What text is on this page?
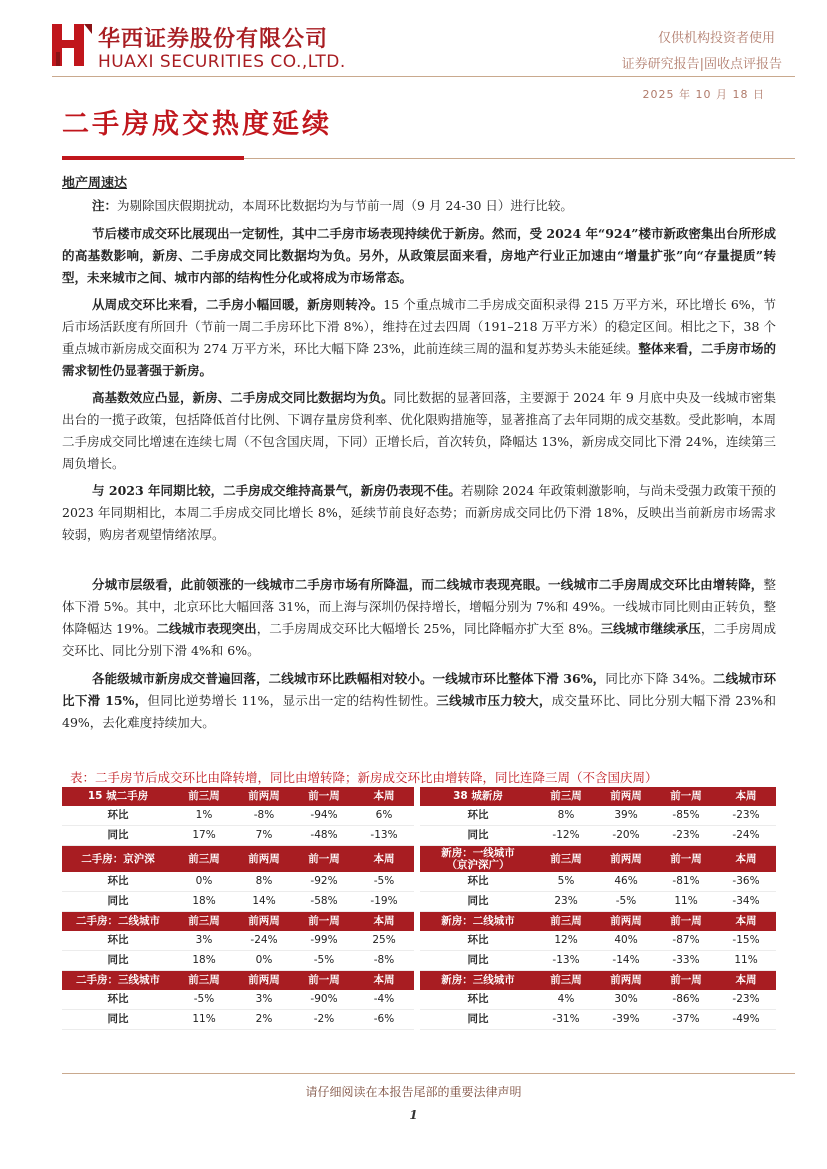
华西证券股份有限公司
HUAXI SECURITIES CO.,LTD.
仅供机构投资者使用
证券研究报告|固收点评报告
2025 年 10 月 18 日
二手房成交热度延续
地产周速达
注：为剔除国庆假期扰动，本周环比数据均为与节前一周（9 月 24-30 日）进行比较。
节后楼市成交环比展现出一定韧性，其中二手房市场表现持续优于新房。然而，受 2024 年“924”楼市新政密集出台所形成的高基数影响，新房、二手房成交同比数据均为负。另外，从政策层面来看，房地产行业正加速由“增量扩张”向“存量提质”转型，未来城市之间、城市内部的结构性分化或将成为市场常态。
从周成交环比来看，二手房小幅回暖，新房则转冷。15 个重点城市二手房成交面积录得 215 万平方米，环比增长 6%，节后市场活跃度有所回升（节前一周二手房环比下滑 8%），维持在过去四周（191–218 万平方米）的稳定区间。相比之下，38 个重点城市新房成交面积为 274 万平方米，环比大幅下降 23%，此前连续三周的温和复苏势头未能延续。整体来看，二手房市场的需求韧性仍显著强于新房。
高基数效应凸显，新房、二手房成交同比数据均为负。同比数据的显著回落，主要源于 2024 年 9 月底中央及一线城市密集出台的一揽子政策，包括降低首付比例、下调存量房贷利率、优化限购措施等，显著推高了去年同期的成交基数。受此影响，本周二手房成交同比增速在连续七周（不包含国庆周，下同）正增长后，首次转负，降幅达 13%，新房成交同比下滑 24%，连续第三周负增长。
与 2023 年同期比较，二手房成交维持高景气，新房仍表现不佳。若剔除 2024 年政策刺激影响，与尚未受强力政策干预的 2023 年同期相比，本周二手房成交同比增长 8%，延续节前良好态势；而新房成交同比仍下滑 18%，反映出当前新房市场需求较弱，购房者观望情绪浓厚。
分城市层级看，此前领涨的一线城市二手房市场有所降温，而二线城市表现亮眼。一线城市二手房周成交环比由增转降，整体下滑 5%。其中，北京环比大幅回落 31%，而上海与深圳仍保持增长，增幅分别为 7%和 49%。一线城市同比则由正转负，整体降幅达 19%。二线城市表现突出，二手房周成交环比大幅增长 25%，同比降幅亦扩大至 8%。三线城市继续承压，二手房周成交环比、同比分别下滑 4%和 6%。
各能级城市新房成交普遍回落，二线城市环比跌幅相对较小。一线城市环比整体下滑 36%，同比亦下降 34%。二线城市环比下滑 15%，但同比逆势增长 11%，显示出一定的结构性韧性。三线城市压力较大，成交量环比、同比分别大幅下滑 23%和 49%，去化难度持续加大。
表：二手房节后成交环比由降转增，同比由增转降；新房成交环比由增转降，同比连降三周（不含国庆周）
15 城二手房	前三周	前两周	前一周	本周		38 城新房	前三周	前两周	前一周	本周
环比	1%	-8%	-94%	6%		环比	8%	39%	-85%	-23%
同比	17%	7%	-48%	-13%		同比	-12%	-20%	-23%	-24%
二手房：京沪深	前三周	前两周	前一周	本周		新房：一线城市
（京沪深广）	前三周	前两周	前一周	本周
环比	0%	8%	-92%	-5%		环比	5%	46%	-81%	-36%
同比	18%	14%	-58%	-19%		同比	23%	-5%	11%	-34%
二手房：二线城市	前三周	前两周	前一周	本周		新房：二线城市	前三周	前两周	前一周	本周
环比	3%	-24%	-99%	25%		环比	12%	40%	-87%	-15%
同比	18%	0%	-5%	-8%		同比	-13%	-14%	-33%	11%
二手房：三线城市	前三周	前两周	前一周	本周		新房：三线城市	前三周	前两周	前一周	本周
环比	-5%	3%	-90%	-4%		环比	4%	30%	-86%	-23%
同比	11%	2%	-2%	-6%		同比	-31%	-39%	-37%	-49%
请仔细阅读在本报告尾部的重要法律声明
1
